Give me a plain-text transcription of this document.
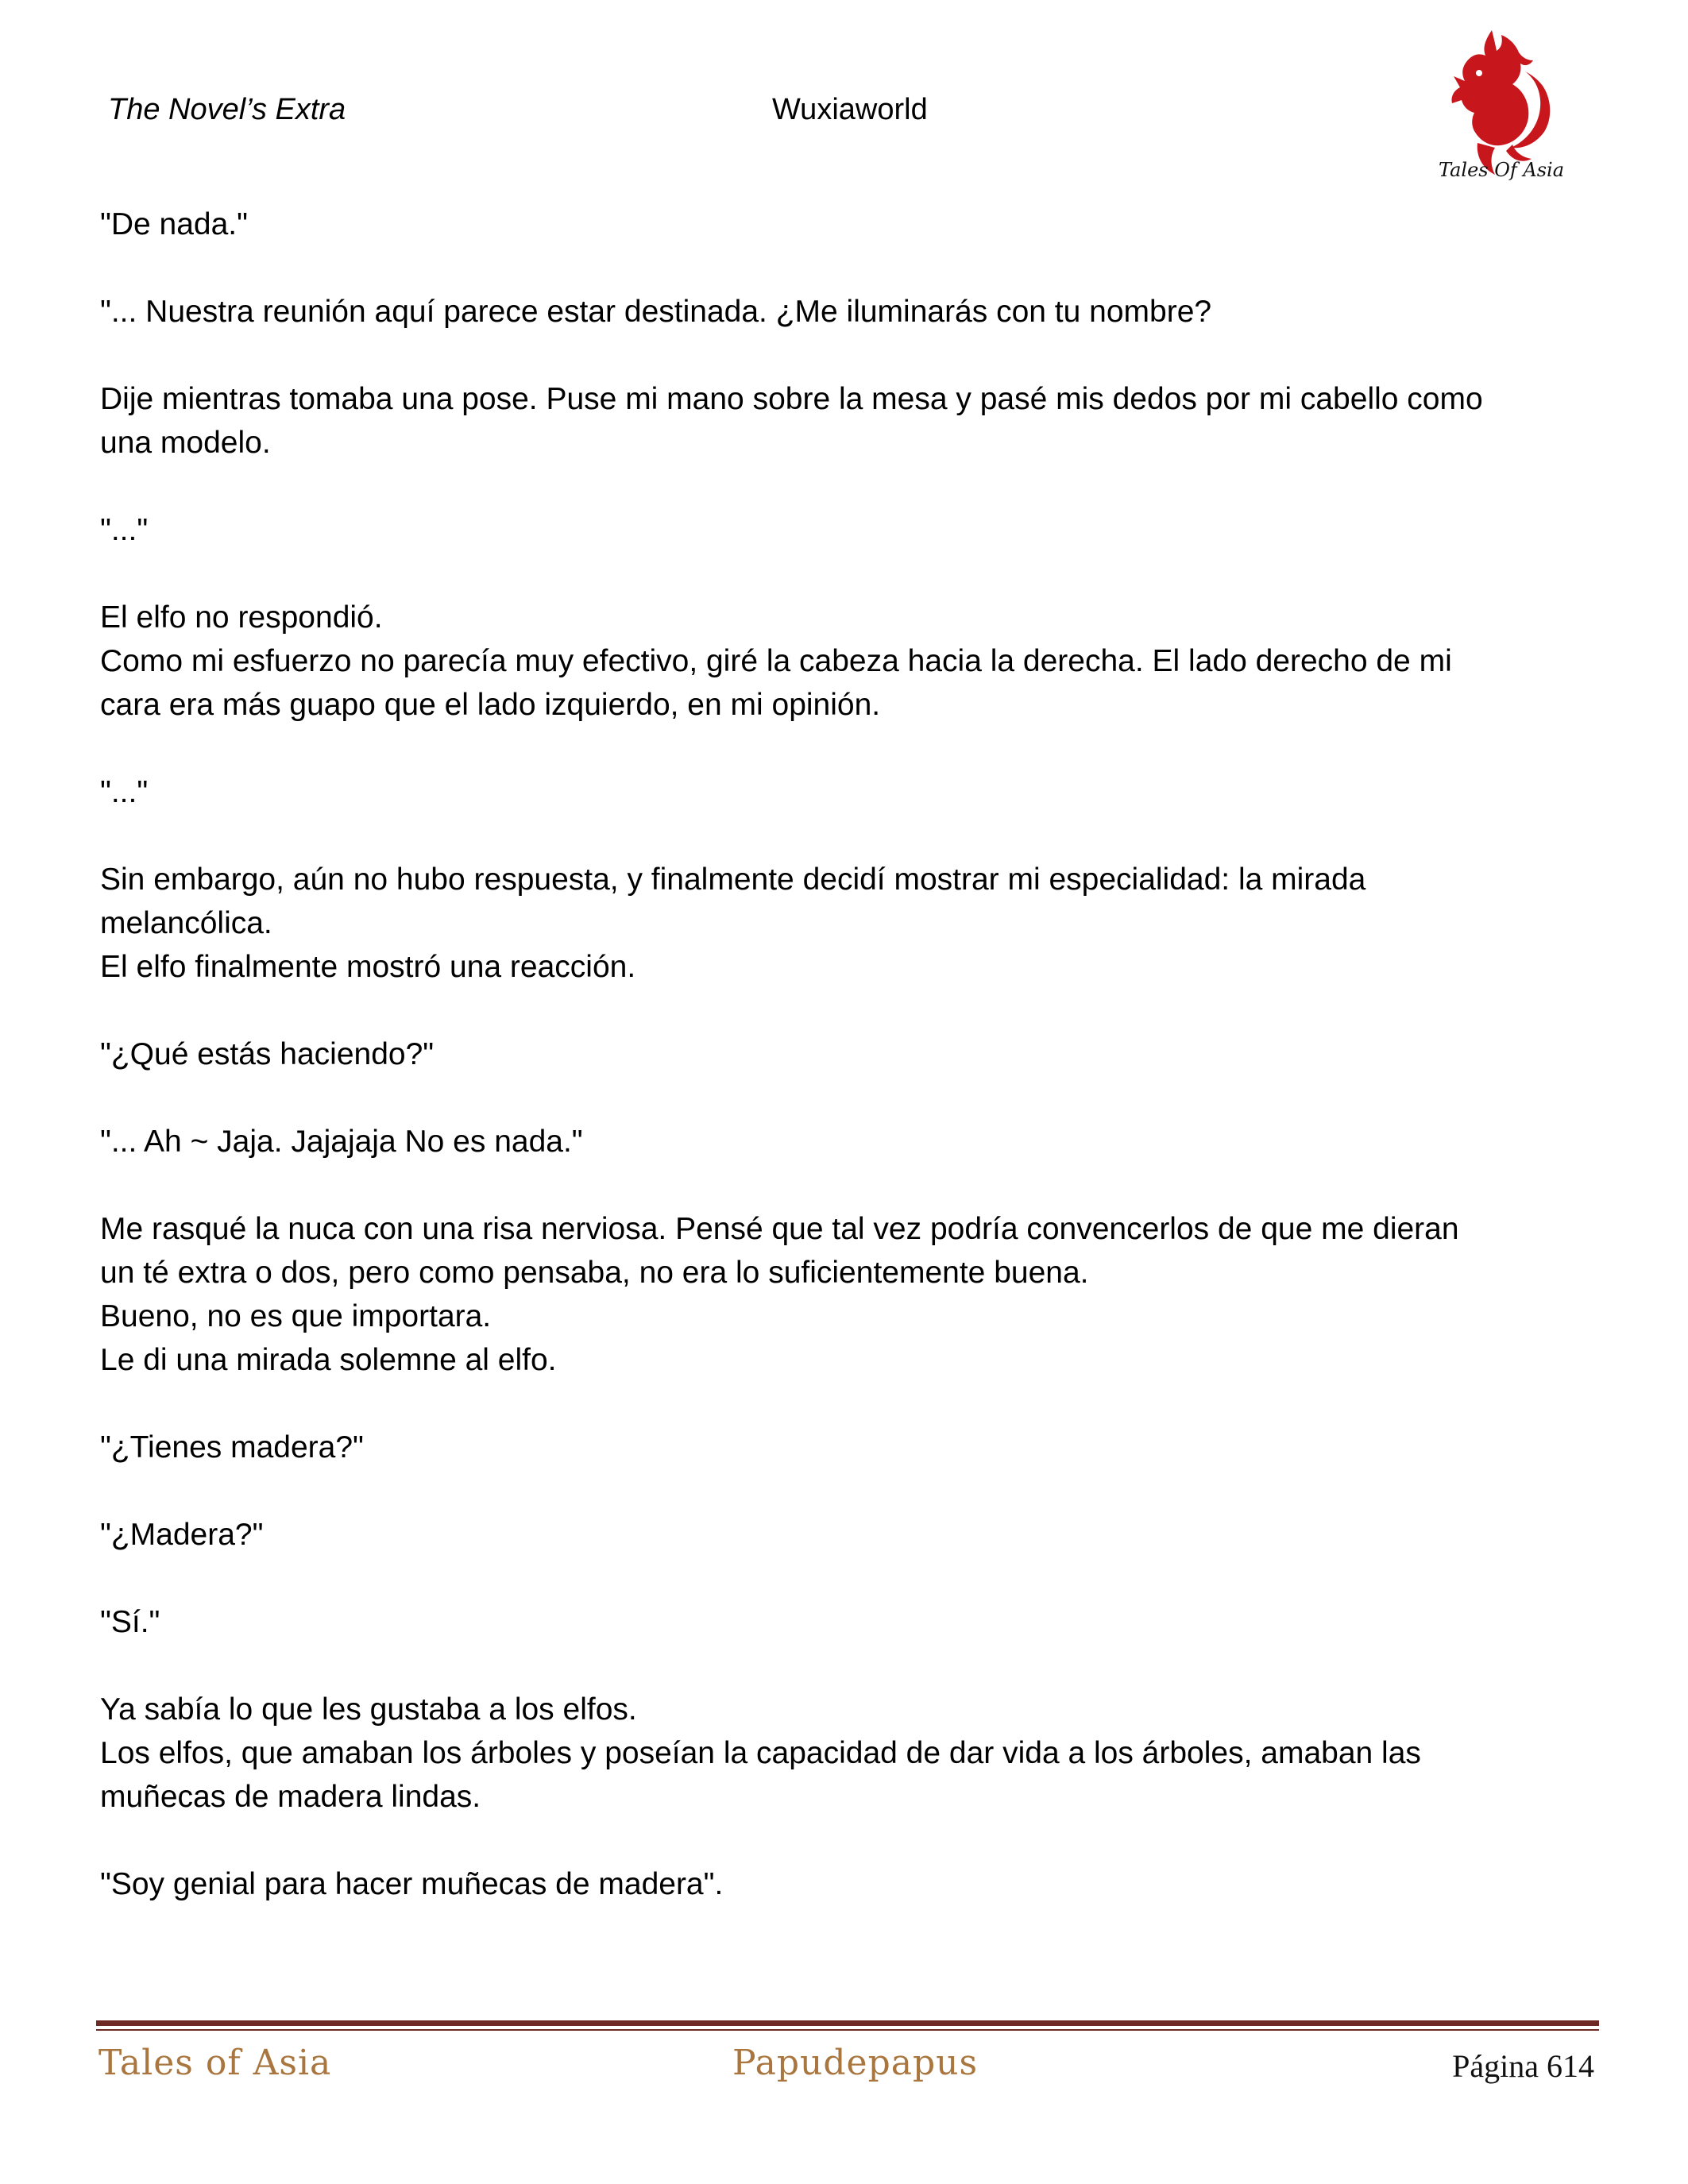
The Novel’s Extra	Wuxiaworld
Tales Of Asia

"De nada."

"... Nuestra reunión aquí parece estar destinada. ¿Me iluminarás con tu nombre?

Dije mientras tomaba una pose. Puse mi mano sobre la mesa y pasé mis dedos por mi cabello como
una modelo.

"..."

El elfo no respondió.
Como mi esfuerzo no parecía muy efectivo, giré la cabeza hacia la derecha. El lado derecho de mi
cara era más guapo que el lado izquierdo, en mi opinión.

"..."

Sin embargo, aún no hubo respuesta, y finalmente decidí mostrar mi especialidad: la mirada
melancólica.
El elfo finalmente mostró una reacción.

"¿Qué estás haciendo?"

"... Ah ~ Jaja. Jajajaja No es nada."

Me rasqué la nuca con una risa nerviosa. Pensé que tal vez podría convencerlos de que me dieran
un té extra o dos, pero como pensaba, no era lo suficientemente buena.
Bueno, no es que importara.
Le di una mirada solemne al elfo.

"¿Tienes madera?"

"¿Madera?"

"Sí."

Ya sabía lo que les gustaba a los elfos.
Los elfos, que amaban los árboles y poseían la capacidad de dar vida a los árboles, amaban las
muñecas de madera lindas.

"Soy genial para hacer muñecas de madera".

Tales of Asia	Papudepapus	Página 614
